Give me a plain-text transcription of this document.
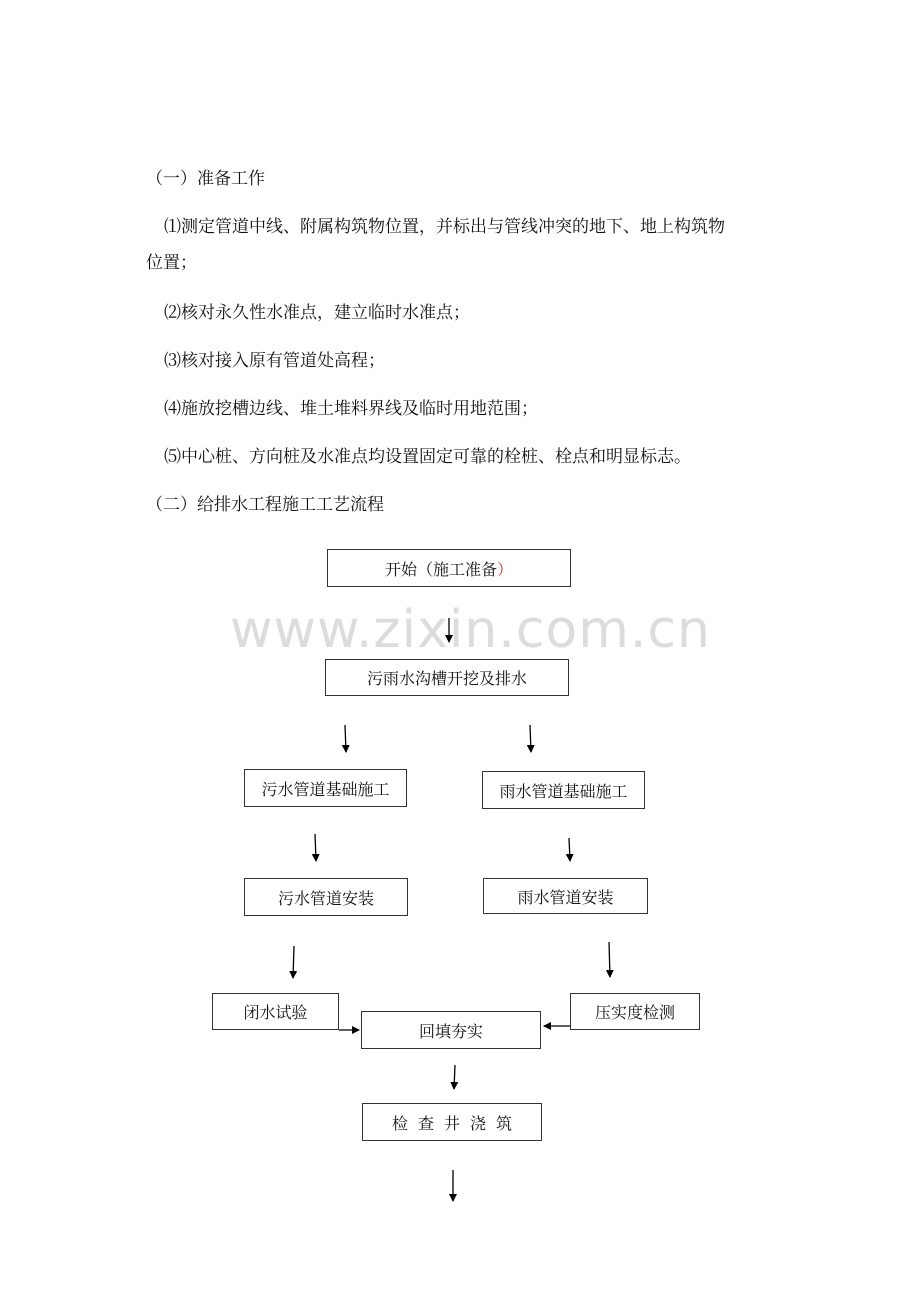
（一）准备工作
⑴测定管道中线、附属构筑物位置，并标出与管线冲突的地下、地上构筑物
位置；
⑵核对永久性水准点，建立临时水准点；
⑶核对接入原有管道处高程；
⑷施放挖槽边线、堆土堆料界线及临时用地范围；
⑸中心桩、方向桩及水准点均设置固定可靠的栓桩、栓点和明显标志。
（二）给排水工程施工工艺流程
www.zixin.com.cn
开始（施工准备 ）
污雨水沟槽开挖及排水
污水管道基础施工	雨水管道基础施工
污水管道安装	雨水管道安装
闭水试验
回填夯实
压实度检测
检查井浇筑
